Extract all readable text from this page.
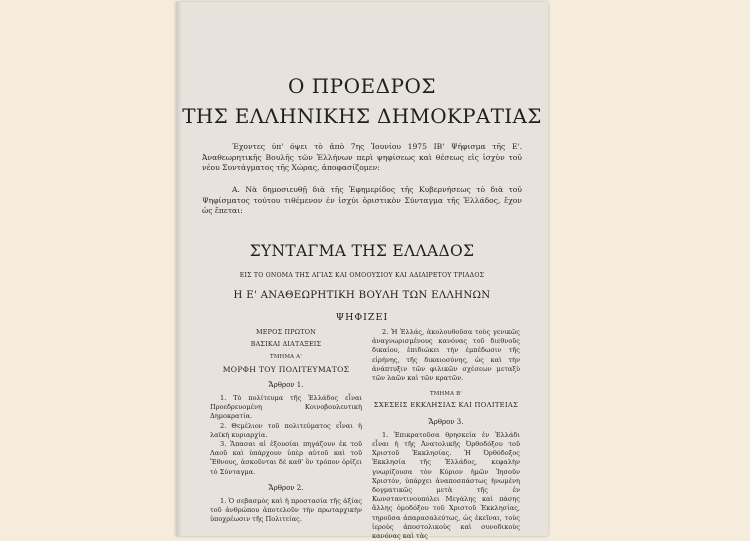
Ο ΠΡΟΕΔΡΟΣ
ΤΗΣ ΕΛΛΗΝΙΚΗΣ ΔΗΜΟΚΡΑΤΙΑΣ
Έχοντες ύπ' όψει τὸ ἀπὸ 7ης Ἰουνίου 1975 ΙΒ' Ψήφισμα τῆς Ε'. Ἀναθεωρητικῆς Βουλῆς τῶν Ἑλλήνων περὶ ψηφίσεως καὶ θέσεως εἰς ἰσχὺν τοῦ νέου Συντάγματος τῆς Χώρας, ἀποφασίζομεν:
Α. Νὰ δημοσιευθῇ διὰ τῆς Ἐφημερίδος τῆς Κυβερνήσεως τὸ διὰ τοῦ Ψηφίσματος τούτου τιθέμενον ἐν ἰσχύι ὁριστικὸν Σύνταγμα τῆς Ἑλλάδος, ἔχον ὡς ἕπεται:
ΣΥΝΤΑΓΜΑ ΤΗΣ ΕΛΛΑΔΟΣ
ΕΙΣ ΤΟ ΟΝΟΜΑ ΤΗΣ ΑΓΙΑΣ ΚΑΙ ΟΜΟΟΥΣΙΟΥ ΚΑΙ ΑΔΙΑΙΡΕΤΟΥ ΤΡΙΑΔΟΣ
Η Ε' ΑΝΑΘΕΩΡΗΤΙΚΗ ΒΟΥΛΗ ΤΩΝ ΕΛΛΗΝΩΝ
ΨΗΦΙΖΕΙ
ΜΕΡΟΣ ΠΡΩΤΟΝ
ΒΑΣΙΚΑΙ ΔΙΑΤΑΞΕΙΣ
ΤΜΗΜΑ Α'
ΜΟΡΦΗ ΤΟΥ ΠΟΛΙΤΕΥΜΑΤΟΣ
Ἄρθρον 1.
1. Τὸ πολίτευμα τῆς Ἑλλάδος εἶναι Προεδρευομένη Κοινοβουλευτικὴ Δημοκρατία.
2. Θεμέλιον τοῦ πολιτεύματος εἶναι ἡ λαϊκὴ κυριαρχία.
3. Ἅπασαι αἱ ἐξουσίαι πηγάζουν ἐκ τοῦ Λαοῦ καὶ ὑπάρχουν ὑπὲρ αὐτοῦ καὶ τοῦ Ἔθνους, ἀσκοῦνται δὲ καθ' ὃν τρόπον ὁρίζει τὸ Σύνταγμα.
Ἄρθρον 2.
1. Ὁ σεβασμὸς καὶ ἡ προστασία τῆς ἀξίας τοῦ ἀνθρώπου ἀποτελοῦν τὴν πρωταρχικὴν ὑποχρέωσιν τῆς Πολιτείας.
2. Ἡ Ἑλλάς, ἀκολουθοῦσα τοὺς γενικῶς ἀναγνωρισμένους κανόνας τοῦ διεθνοῦς δικαίου, ἐπιδιώκει τὴν ἐμπέδωσιν τῆς εἰρήνης, τῆς δικαιοσύνης, ὡς καὶ τὴν ἀνάπτυξιν τῶν φιλικῶν σχέσεων μεταξὺ τῶν λαῶν καὶ τῶν κρατῶν.
ΤΜΗΜΑ Β'
ΣΧΕΣΕΙΣ ΕΚΚΛΗΣΙΑΣ ΚΑΙ ΠΟΛΙΤΕΙΑΣ
Ἄρθρον 3.
1. Ἐπικρατοῦσα θρησκεία ἐν Ἑλλάδι εἶναι ἡ τῆς Ἀνατολικῆς Ὀρθοδόξου τοῦ Χριστοῦ Ἐκκλησίας. Ἡ Ὀρθόδοξος Ἐκκλησία τῆς Ἑλλάδος, κεφαλὴν γνωρίζουσα τὸν Κύριον ἡμῶν Ἰησοῦν Χριστόν, ὑπάρχει ἀναποσπάστως ἡνωμένη δογματικῶς μετὰ τῆς ἐν Κωνσταντινουπόλει Μεγάλης καὶ πάσης ἄλλης ὁμοδόξου τοῦ Χριστοῦ Ἐκκλησίας, τηροῦσα ἀπαρασαλεύτως, ὡς ἐκεῖναι, τοὺς ἱεροὺς ἀποστολικοὺς καὶ συνοδικοὺς κανόνας καὶ τὰς
